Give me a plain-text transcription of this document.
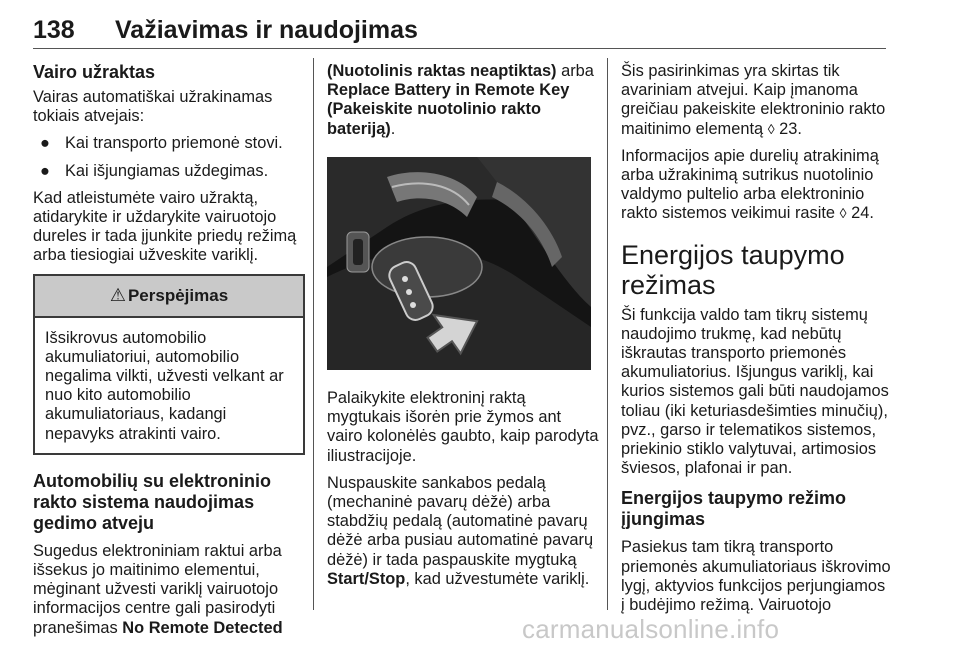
138 Važiavimas ir naudojimas
Vairo užraktas

Vairas automatiškai užrakinamas tokiais atvejais:

● Kai transporto priemonė stovi.
● Kai išjungiamas uždegimas.

Kad atleistumėte vairo užraktą, atidarykite ir uždarykite vairuotojo dureles ir tada įjunkite priedų režimą arba tiesiogiai užveskite variklį.

⚠ Perspėjimas
Išsikrovus automobilio akumuliatoriui, automobilio negalima vilkti, užvesti velkant ar nuo kito automobilio akumuliatoriaus, kadangi nepavyks atrakinti vairo.
Automobilių su elektroninio rakto sistema naudojimas gedimo atveju

Sugedus elektroniniam raktui arba išsekus jo maitinimo elementui, mėginant užvesti variklį vairuotojo informacijos centre gali pasirodyti pranešimas No Remote Detected

(Nuotolinis raktas neaptiktas) arba Replace Battery in Remote Key (Pakeiskite nuotolinio rakto bateriją).

Palaikykite elektroninį raktą mygtukais išorėn prie žymos ant vairo kolonėlės gaubto, kaip parodyta iliustracijoje.

Nuspauskite sankabos pedalą (mechaninė pavarų dėžė) arba stabdžių pedalą (automatinė pavarų dėžė arba pusiau automatinė pavarų dėžė) ir tada paspauskite mygtuką Start/Stop, kad užvestumėte variklį.

Šis pasirinkimas yra skirtas tik avariniam atvejui. Kaip įmanoma greičiau pakeiskite elektroninio rakto maitinimo elementą ◊ 23.

Informacijos apie durelių atrakinimą arba užrakinimą sutrikus nuotolinio valdymo pultelio arba elektroninio rakto sistemos veikimui rasite ◊ 24.

Energijos taupymo režimas

Ši funkcija valdo tam tikrų sistemų naudojimo trukmę, kad nebūtų iškrautas transporto priemonės akumuliatorius. Išjungus variklį, kai kurios sistemos gali būti naudojamos toliau (iki keturiasdešimties minučių), pvz., garso ir telematikos sistemos, priekinio stiklo valytuvai, artimosios šviesos, plafonai ir pan.

Energijos taupymo režimo įjungimas

Pasiekus tam tikrą transporto priemonės akumuliatoriaus iškrovimo lygį, aktyvios funkcijos perjungiamos į budėjimo režimą. Vairuotojo

carmanualsonline.info
